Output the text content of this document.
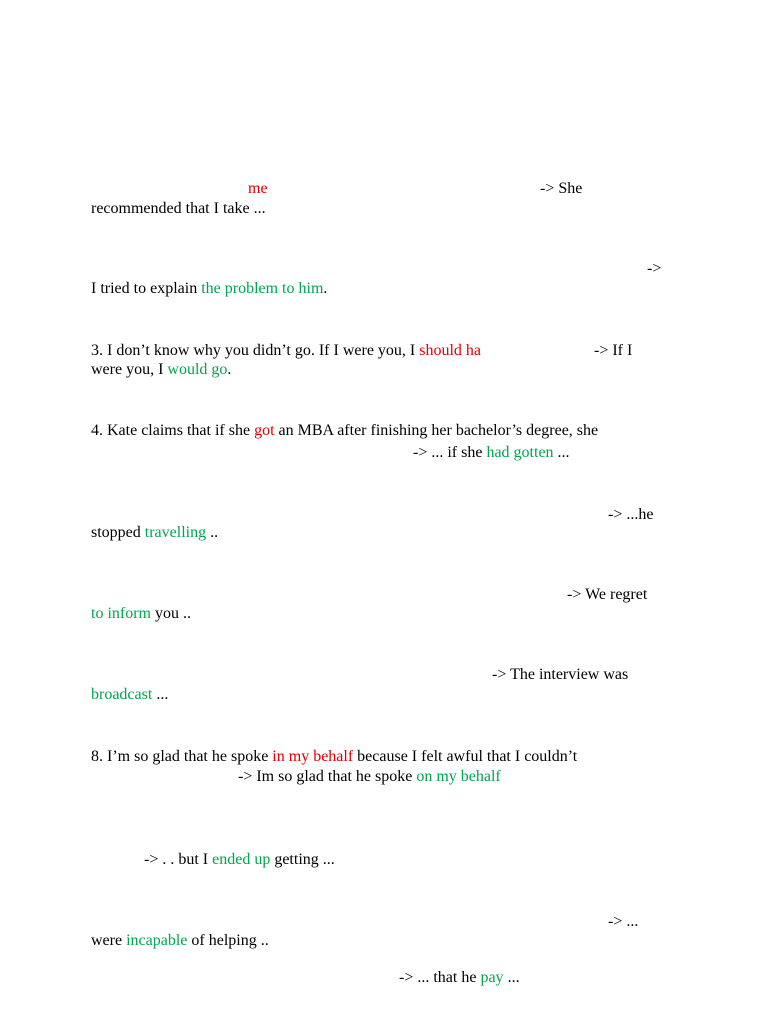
me	-> She
recommended that I take ...
->
I tried to explain the problem to him.
3. I don’t know why you didn’t go. If I were you, I should ha	-> If I
were you, I would go.
4. Kate claims that if she got an MBA after finishing her bachelor’s degree, she
-> ... if she had gotten ...
-> ...he
stopped travelling ..
-> We regret
to inform you ..
-> The interview was
broadcast ...
8. I’m so glad that he spoke in my behalf because I felt awful that I couldn’t
-> Im so glad that he spoke on my behalf
-> . . but I ended up getting ...
-> ...
were incapable of helping ..
-> ... that he pay ...
